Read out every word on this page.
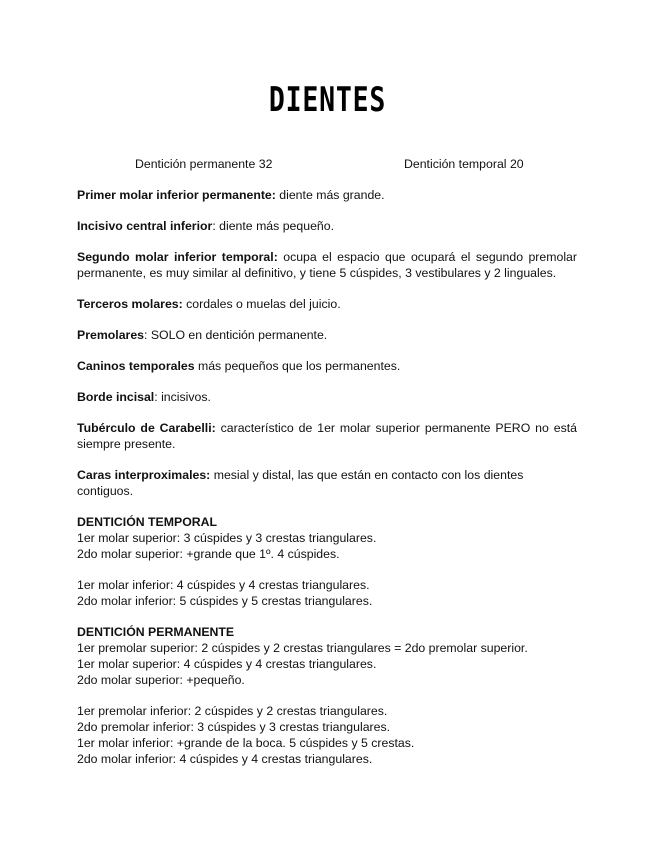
DIENTES
Dentición permanente 32	Dentición temporal 20

Primer molar inferior permanente: diente más grande.

Incisivo central inferior: diente más pequeño.

Segundo molar inferior temporal: ocupa el espacio que ocupará el segundo premolar permanente, es muy similar al definitivo, y tiene 5 cúspides, 3 vestibulares y 2 linguales.

Terceros molares: cordales o muelas del juicio.

Premolares: SOLO en dentición permanente.

Caninos temporales más pequeños que los permanentes.

Borde incisal: incisivos.

Tubérculo de Carabelli: característico de 1er molar superior permanente PERO no está siempre presente.

Caras interproximales: mesial y distal, las que están en contacto con los dientes contiguos.

DENTICIÓN TEMPORAL
1er molar superior: 3 cúspides y 3 crestas triangulares.
2do molar superior: +grande que 1º. 4 cúspides.
1er molar inferior: 4 cúspides y 4 crestas triangulares.
2do molar inferior: 5 cúspides y 5 crestas triangulares.
DENTICIÓN PERMANENTE
1er premolar superior: 2 cúspides y 2 crestas triangulares = 2do premolar superior.
1er molar superior: 4 cúspides y 4 crestas triangulares.
2do molar superior: +pequeño.
1er premolar inferior: 2 cúspides y 2 crestas triangulares.
2do premolar inferior: 3 cúspides y 3 crestas triangulares.
1er molar inferior: +grande de la boca. 5 cúspides y 5 crestas.
2do molar inferior: 4 cúspides y 4 crestas triangulares.
